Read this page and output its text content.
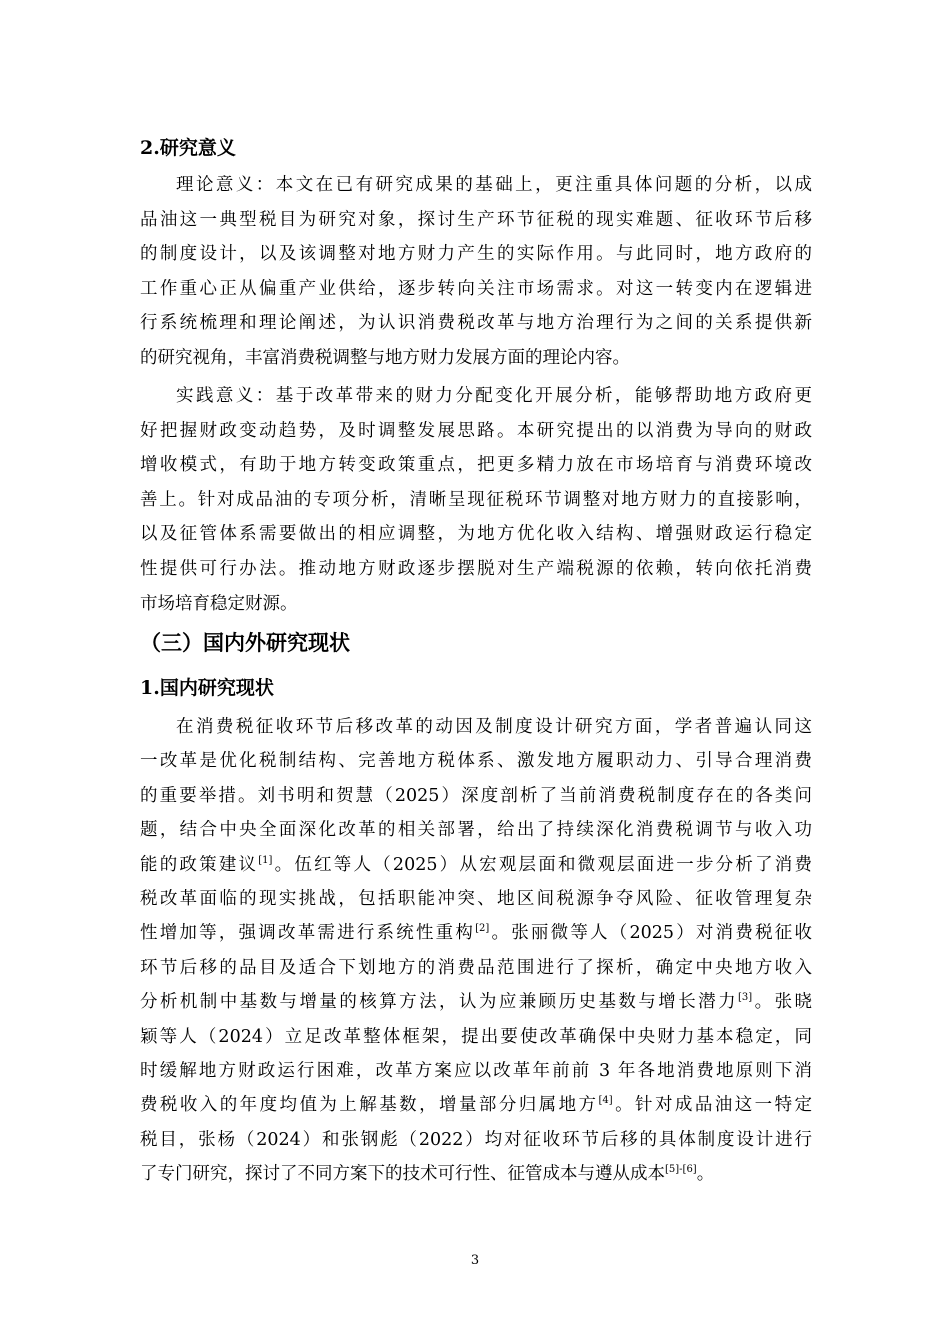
2.研究意义
理论意义：本文在已有研究成果的基础上，更注重具体问题的分析，以成
品油这一典型税目为研究对象，探讨生产环节征税的现实难题、征收环节后移
的制度设计，以及该调整对地方财力产生的实际作用。与此同时，地方政府的
工作重心正从偏重产业供给，逐步转向关注市场需求。对这一转变内在逻辑进
行系统梳理和理论阐述，为认识消费税改革与地方治理行为之间的关系提供新
的研究视角，丰富消费税调整与地方财力发展方面的理论内容。
实践意义：基于改革带来的财力分配变化开展分析，能够帮助地方政府更
好把握财政变动趋势，及时调整发展思路。本研究提出的以消费为导向的财政
增收模式，有助于地方转变政策重点，把更多精力放在市场培育与消费环境改
善上。针对成品油的专项分析，清晰呈现征税环节调整对地方财力的直接影响，
以及征管体系需要做出的相应调整，为地方优化收入结构、增强财政运行稳定
性提供可行办法。推动地方财政逐步摆脱对生产端税源的依赖，转向依托消费
市场培育稳定财源。
（三）国内外研究现状
1.国内研究现状
在消费税征收环节后移改革的动因及制度设计研究方面，学者普遍认同这
一改革是优化税制结构、完善地方税体系、激发地方履职动力、引导合理消费
的重要举措。刘书明和贺慧（2025）深度剖析了当前消费税制度存在的各类问
题，结合中央全面深化改革的相关部署，给出了持续深化消费税调节与收入功
能的政策建议[1]。伍红等人（2025）从宏观层面和微观层面进一步分析了消费
税改革面临的现实挑战，包括职能冲突、地区间税源争夺风险、征收管理复杂
性增加等，强调改革需进行系统性重构[2]。张丽微等人（2025）对消费税征收
环节后移的品目及适合下划地方的消费品范围进行了探析，确定中央地方收入
分析机制中基数与增量的核算方法，认为应兼顾历史基数与增长潜力[3]。张晓
颖等人（2024）立足改革整体框架，提出要使改革确保中央财力基本稳定，同
时缓解地方财政运行困难，改革方案应以改革年前前 3 年各地消费地原则下消
费税收入的年度均值为上解基数，增量部分归属地方[4]。针对成品油这一特定
税目，张杨（2024）和张钢彪（2022）均对征收环节后移的具体制度设计进行
了专门研究，探讨了不同方案下的技术可行性、征管成本与遵从成本[5]-[6]。
3
